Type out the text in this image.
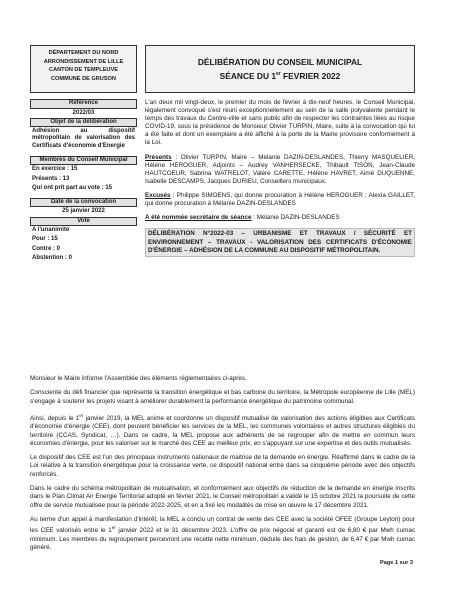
DÉPARTEMENT DU NORD
ARRONDISSEMENT DE LILLE
CANTON DE TEMPLEUVE
COMMUNE DE GRUSON
DÉLIBÉRATION DU CONSEIL MUNICIPAL
SÉANCE DU 1er FEVRIER 2022
Référence
2022/03
Objet de la délibération
Adhésion au dispositif métropolitain de valorisation des Certificats d'économie d'Energie
Membres du Conseil Municipal
En exercice : 15
Présents : 13
Qui ont prit part au vote : 15
Date de la convocation
25 janvier 2022
Vote
A l'unanimité
Pour : 15
Contre : 0
Abstention : 0

L'an deux mil vingt-deux, le premier du mois de février à dix-neuf heures, le Conseil Municipal, légalement convoqué s'est réuni exceptionnellement au sein de la salle polyvalente pendant le temps des travaux du Centre-ville et sans public afin de respecter les contraintes liées au risque COVID-19, sous la présidence de Monsieur Olivier TURPIN, Maire, suite à la convocation qui lui a été faite et dont un exemplaire a été affiché à la porte de la Mairie provisoire conformément à la Loi.

Présents : Olivier TURPIN, Maire – Mélanie DAZIN-DESLANDES, Thierry MASQUELIER, Hélène HEROGUER, Adjoints – Audrey VANHERSECKE, Thibault TISON, Jean-Claude HAUTCOEUR, Sabrina WATRELOT, Valère CARETTE, Hélène HAVRET, Aimé DUQUENNE, Isabelle DESCAMPS, Jacques DURIEU, Conseillers municipaux.

Excusés : Philippe SIMOENS, qui donne procuration à Hélène HEROGUER ; Alexia GAILLET, qui donne procuration à Mélanie DAZIN-DESLANDES

A été nommée secrétaire de séance : Mélanie DAZIN-DESLANDES

DÉLIBÉRATION N°2022-03 – URBANISME ET TRAVAUX / SÉCURITÉ ET ENVIRONNEMENT – TRAVAUX - VALORISATION DES CERTIFICATS D'ÉCONOMIE D'ÉNERGIE – ADHÉSION DE LA COMMUNE AU DISPOSITIF MÉTROPOLITAIN.

Monsieur le Maire informe l'Assemblée des éléments réglementaires ci-après.

Consciente du défi financier que représente la transition énergétique et bas carbone du territoire, la Métropole européenne de Lille (MEL) s'engage à soutenir les projets visant à améliorer durablement la performance énergétique du patrimoine communal.

Ainsi, depuis le 1er janvier 2019, la MEL anime et coordonne un dispositif mutualisé de valorisation des actions éligibles aux Certificats d'économie d'énergie (CEE), dont peuvent bénéficier les services de la MEL, les communes volontaires et autres structures éligibles du territoire (CCAS, Syndicat, …). Dans ce cadre, la MEL propose aux adhérents de se regrouper afin de mettre en commun leurs économies d'énergie, pour les valoriser sur le marché des CEE au meilleur prix, en s'appuyant sur une expertise et des outils mutualisés.

Le dispositif des CEE est l'un des principaux instruments nationaux de maitrise de la demande en énergie. Réaffirmé dans le cadre de la Loi relative à la transition énergétique pour la croissance verte, ce dispositif national entre dans sa cinquième période avec des objectifs renforcés.

Dans le cadre du schéma métropolitain de mutualisation, et conformément aux objectifs de réduction de la demande en énergie inscrits dans le Plan Climat Air Energie Territorial adopté en février 2021, le Conseil métropolitain a validé le 15 octobre 2021 la poursuite de cette offre de service mutualisée pour la période 2022-2025, et en a fixé les modalités de mise en œuvre le 17 décembre 2021.

Au terme d'un appel à manifestation d'intérêt, la MEL a conclu un contrat de vente des CEE avec la société OFEE (Groupe Leyton) pour les CEE valorisés entre le 1er janvier 2022 et le 31 décembre 2023. L'offre de prix négocié et garanti est de 6,80 € par Mwh cumac minimum. Les membres du regroupement percevront une recette nette minimum, déduite des frais de gestion, de 6,47 € par Mwh cumac généré.

Page 1 sur 3
